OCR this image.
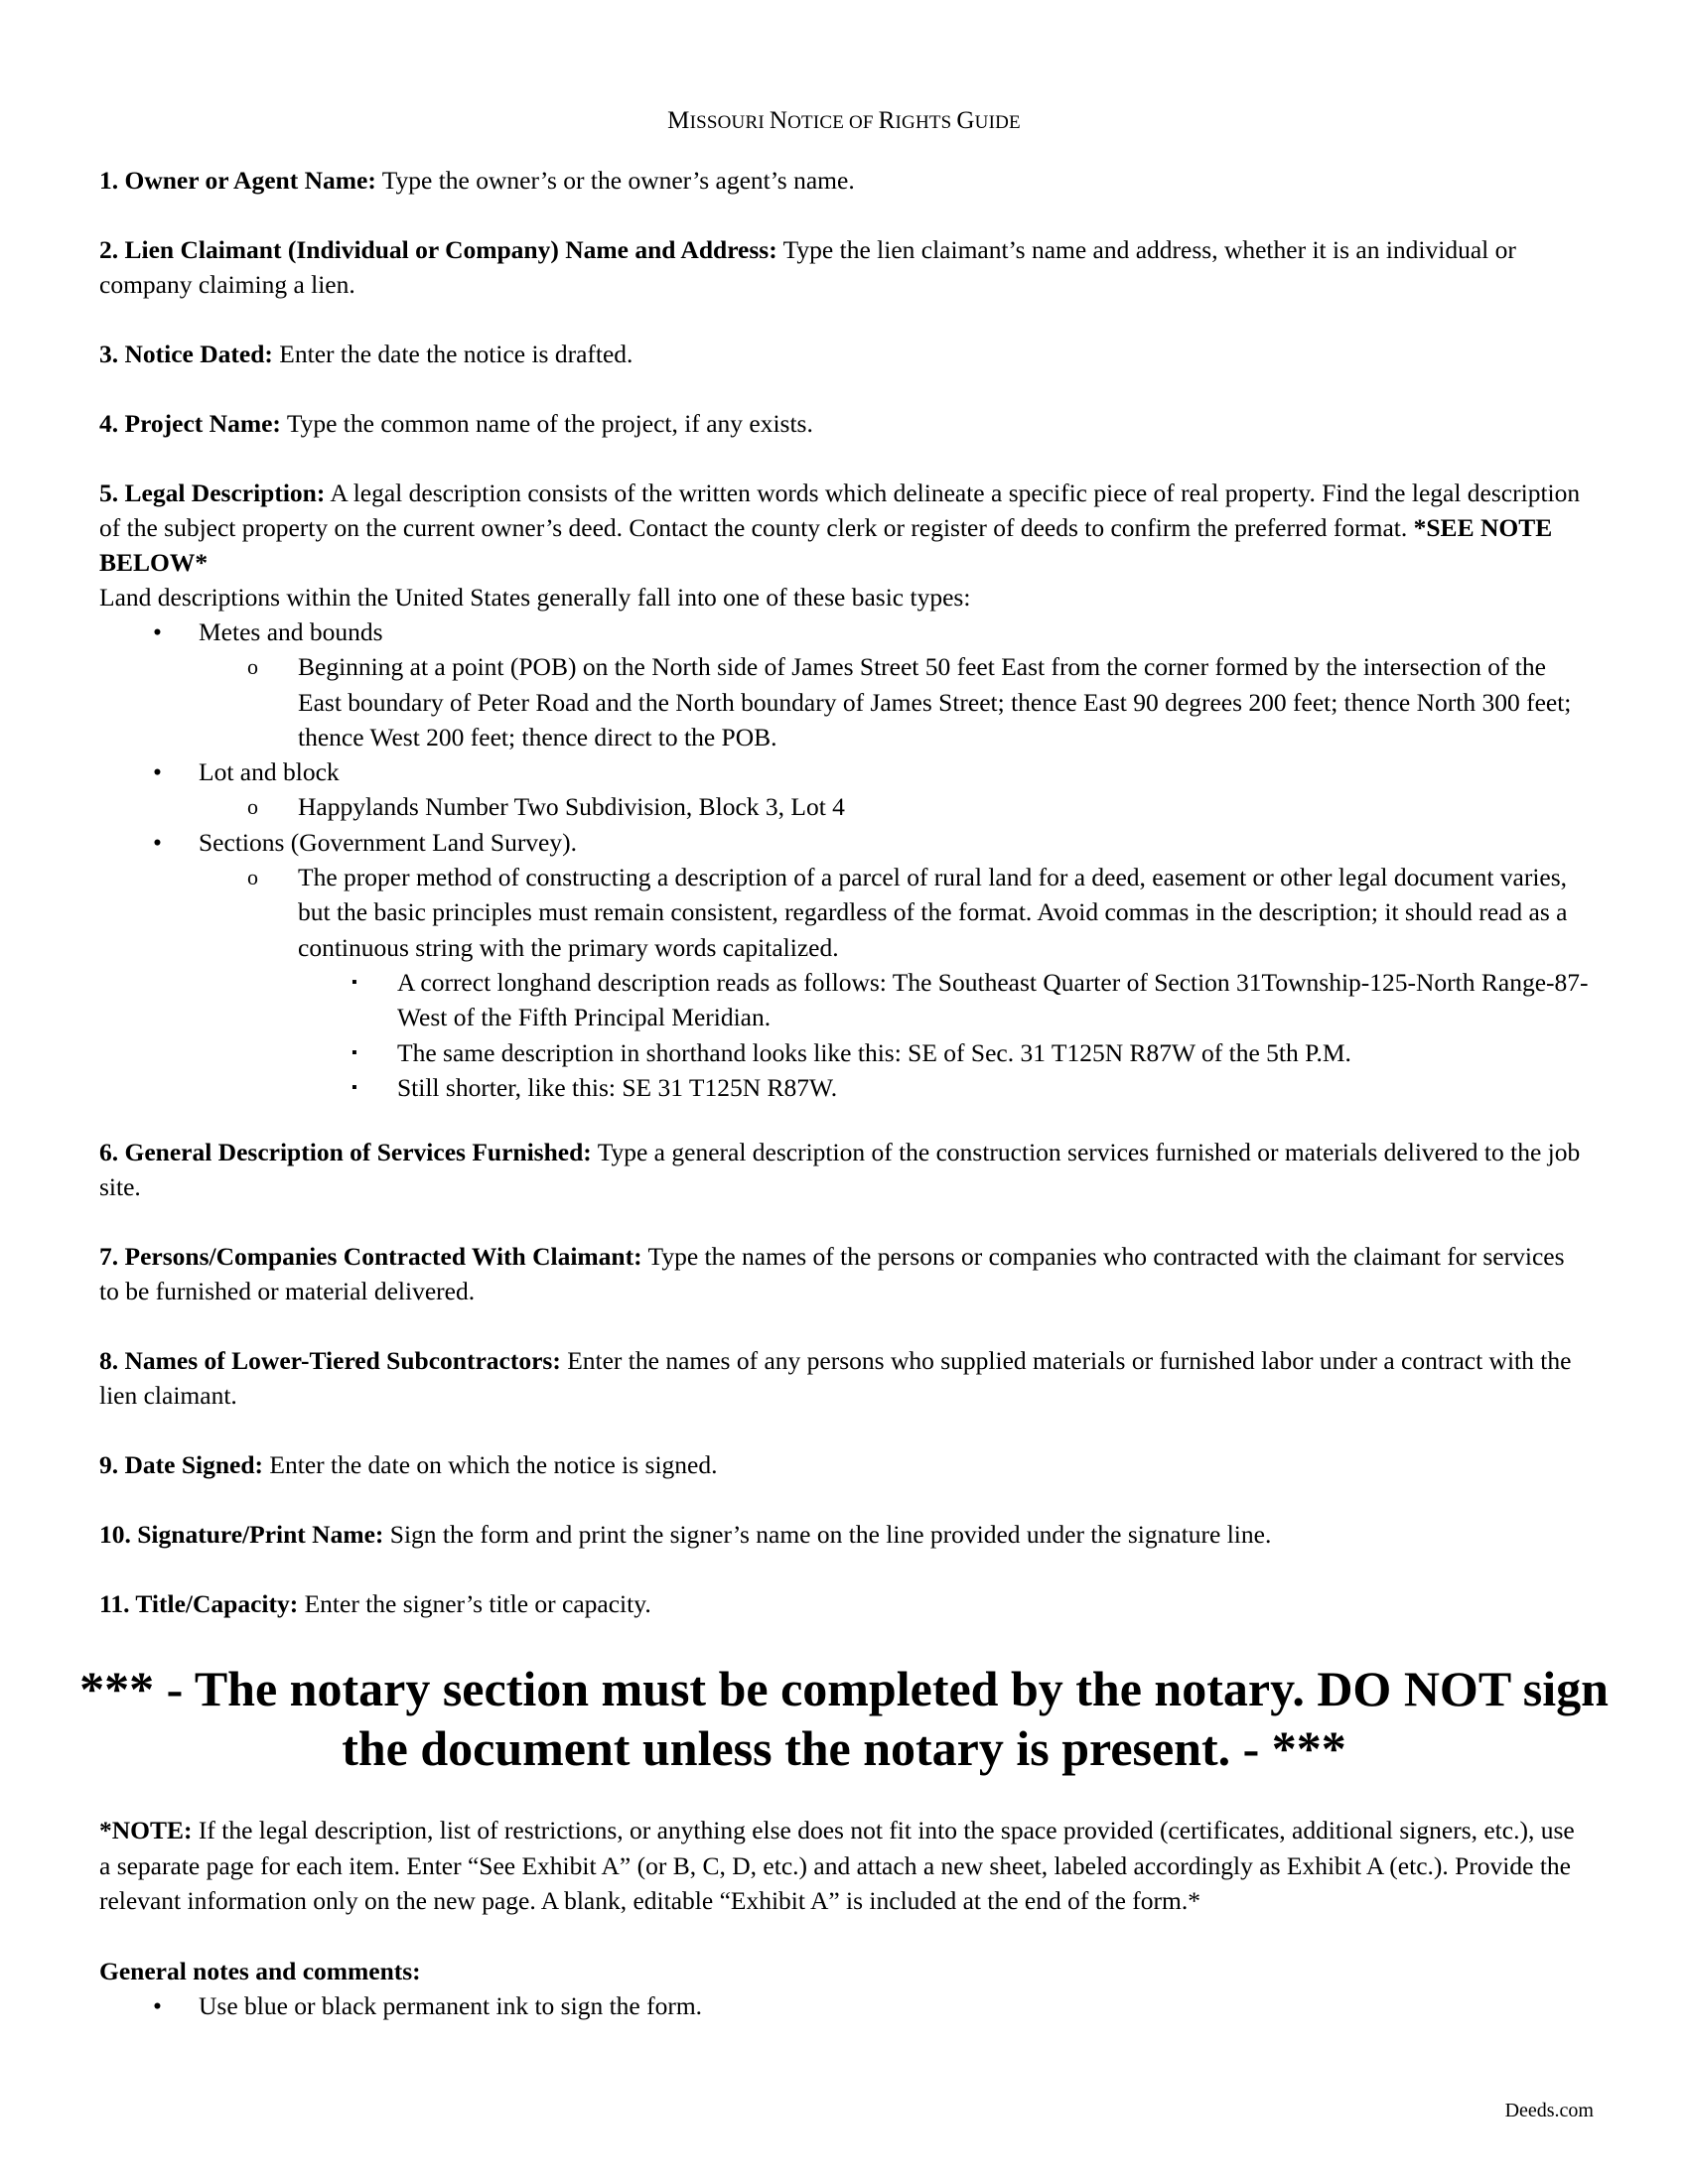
MISSOURI NOTICE OF RIGHTS GUIDE

1. Owner or Agent Name: Type the owner’s or the owner’s agent’s name.

2. Lien Claimant (Individual or Company) Name and Address: Type the lien claimant’s name and address, whether it is an individual or company claiming a lien.

3. Notice Dated: Enter the date the notice is drafted.

4. Project Name: Type the common name of the project, if any exists.

5. Legal Description: A legal description consists of the written words which delineate a specific piece of real property. Find the legal description of the subject property on the current owner’s deed. Contact the county clerk or register of deeds to confirm the preferred format. *SEE NOTE BELOW*

Land descriptions within the United States generally fall into one of these basic types:

• Metes and bounds
o Beginning at a point (POB) on the North side of James Street 50 feet East from the corner formed by the intersection of the East boundary of Peter Road and the North boundary of James Street; thence East 90 degrees 200 feet; thence North 300 feet; thence West 200 feet; thence direct to the POB.
• Lot and block
o Happylands Number Two Subdivision, Block 3, Lot 4
• Sections (Government Land Survey).
o The proper method of constructing a description of a parcel of rural land for a deed, easement or other legal document varies, but the basic principles must remain consistent, regardless of the format. Avoid commas in the description; it should read as a continuous string with the primary words capitalized.
▪ A correct longhand description reads as follows: The Southeast Quarter of Section 31Township-125-North Range-87-West of the Fifth Principal Meridian.
▪ The same description in shorthand looks like this: SE of Sec. 31 T125N R87W of the 5th P.M.
▪ Still shorter, like this: SE 31 T125N R87W.

6. General Description of Services Furnished: Type a general description of the construction services furnished or materials delivered to the job site.

7. Persons/Companies Contracted With Claimant: Type the names of the persons or companies who contracted with the claimant for services to be furnished or material delivered.

8. Names of Lower-Tiered Subcontractors: Enter the names of any persons who supplied materials or furnished labor under a contract with the lien claimant.

9. Date Signed: Enter the date on which the notice is signed.

10. Signature/Print Name: Sign the form and print the signer’s name on the line provided under the signature line.

11. Title/Capacity: Enter the signer’s title or capacity.

*** - The notary section must be completed by the notary. DO NOT sign the document unless the notary is present. - ***

*NOTE: If the legal description, list of restrictions, or anything else does not fit into the space provided (certificates, additional signers, etc.), use a separate page for each item. Enter “See Exhibit A” (or B, C, D, etc.) and attach a new sheet, labeled accordingly as Exhibit A (etc.). Provide the relevant information only on the new page. A blank, editable “Exhibit A” is included at the end of the form.*

General notes and comments:

• Use blue or black permanent ink to sign the form.
Deeds.com
